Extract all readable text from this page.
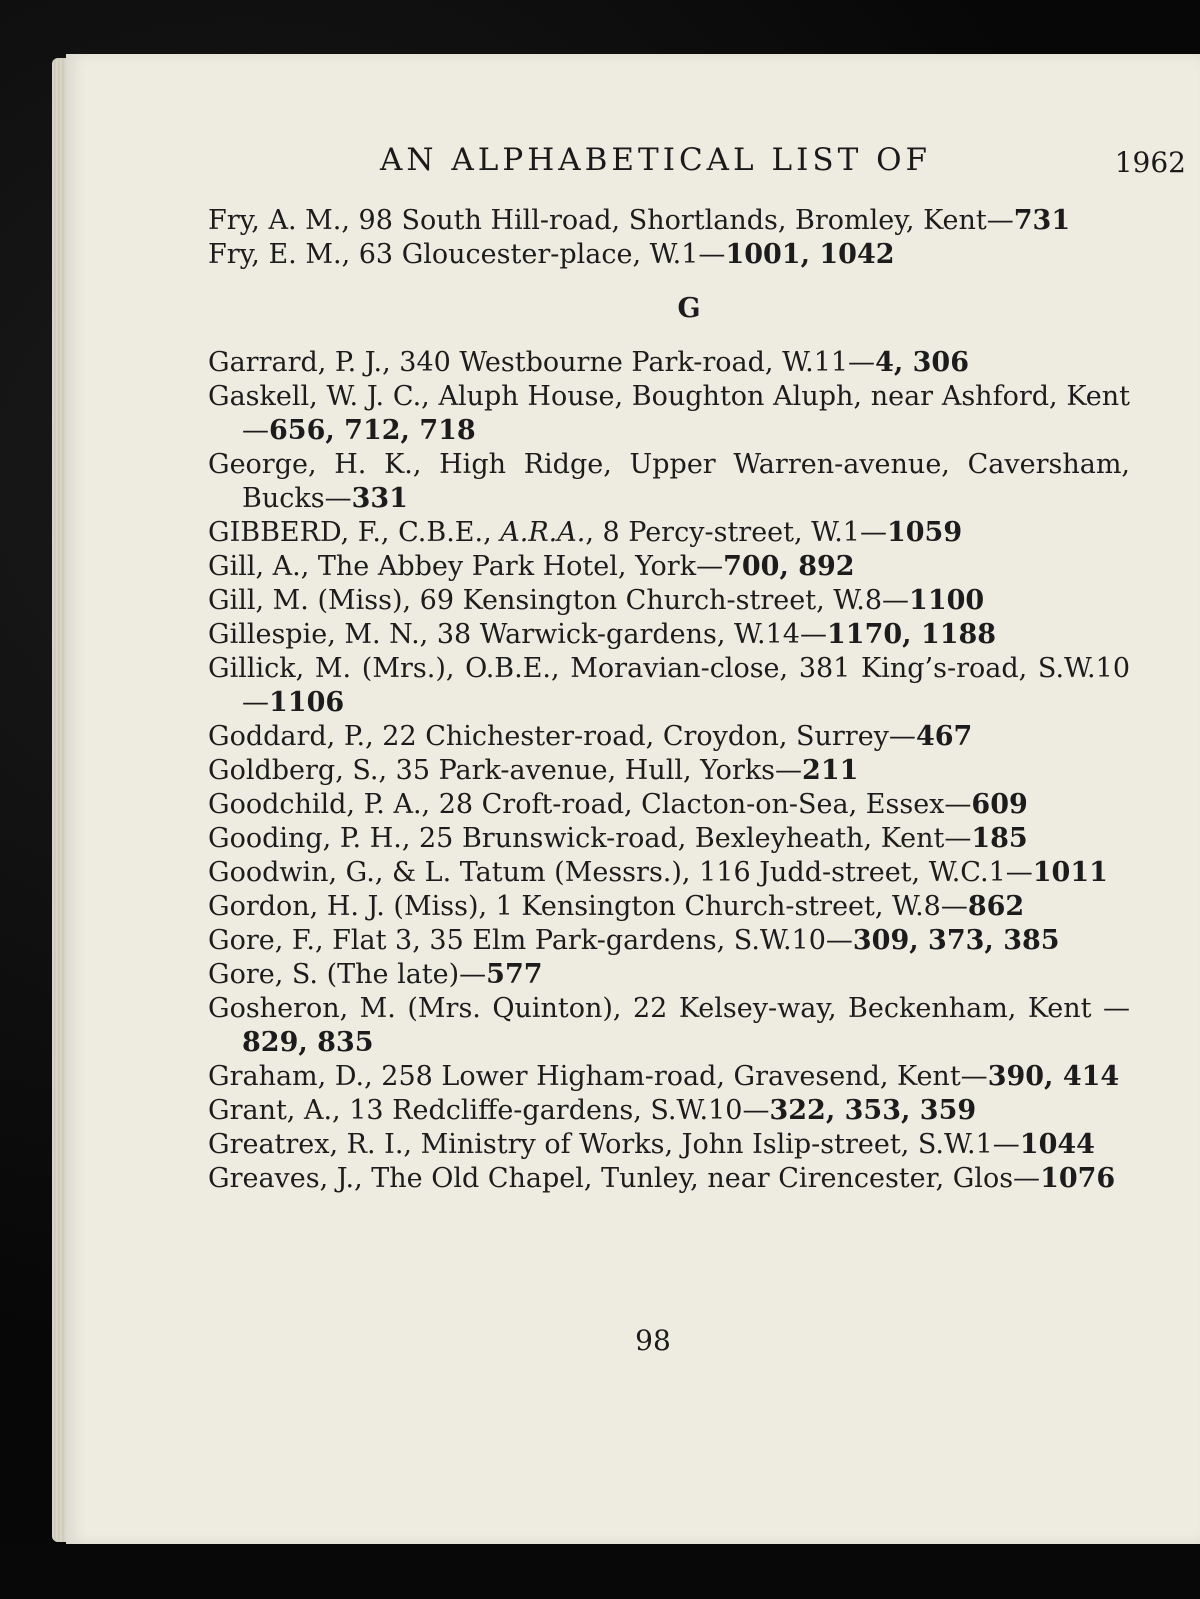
AN ALPHABETICAL LIST OF	1962

Fry, A. M., 98 South Hill-road, Shortlands, Bromley, Kent—731

Fry, E. M., 63 Gloucester-place, W.1—1001, 1042

G

Garrard, P. J., 340 Westbourne Park-road, W.11—4, 306

Gaskell, W. J. C., Aluph House, Boughton Aluph, near Ashford, Kent—656, 712, 718

George, H. K., High Ridge, Upper Warren-avenue, Caversham, Bucks—331

GIBBERD, F., C.B.E., A.R.A., 8 Percy-street, W.1—1059

Gill, A., The Abbey Park Hotel, York—700, 892

Gill, M. (Miss), 69 Kensington Church-street, W.8—1100

Gillespie, M. N., 38 Warwick-gardens, W.14—1170, 1188

Gillick, M. (Mrs.), O.B.E., Moravian-close, 381 King’s-road, S.W.10—1106

Goddard, P., 22 Chichester-road, Croydon, Surrey—467

Goldberg, S., 35 Park-avenue, Hull, Yorks—211

Goodchild, P. A., 28 Croft-road, Clacton-on-Sea, Essex—609

Gooding, P. H., 25 Brunswick-road, Bexleyheath, Kent—185

Goodwin, G., & L. Tatum (Messrs.), 116 Judd-street, W.C.1—1011

Gordon, H. J. (Miss), 1 Kensington Church-street, W.8—862

Gore, F., Flat 3, 35 Elm Park-gardens, S.W.10—309, 373, 385

Gore, S. (The late)—577

Gosheron, M. (Mrs. Quinton), 22 Kelsey-way, Beckenham, Kent —829, 835

Graham, D., 258 Lower Higham-road, Gravesend, Kent—390, 414

Grant, A., 13 Redcliffe-gardens, S.W.10—322, 353, 359

Greatrex, R. I., Ministry of Works, John Islip-street, S.W.1—1044

Greaves, J., The Old Chapel, Tunley, near Cirencester, Glos—1076

98
